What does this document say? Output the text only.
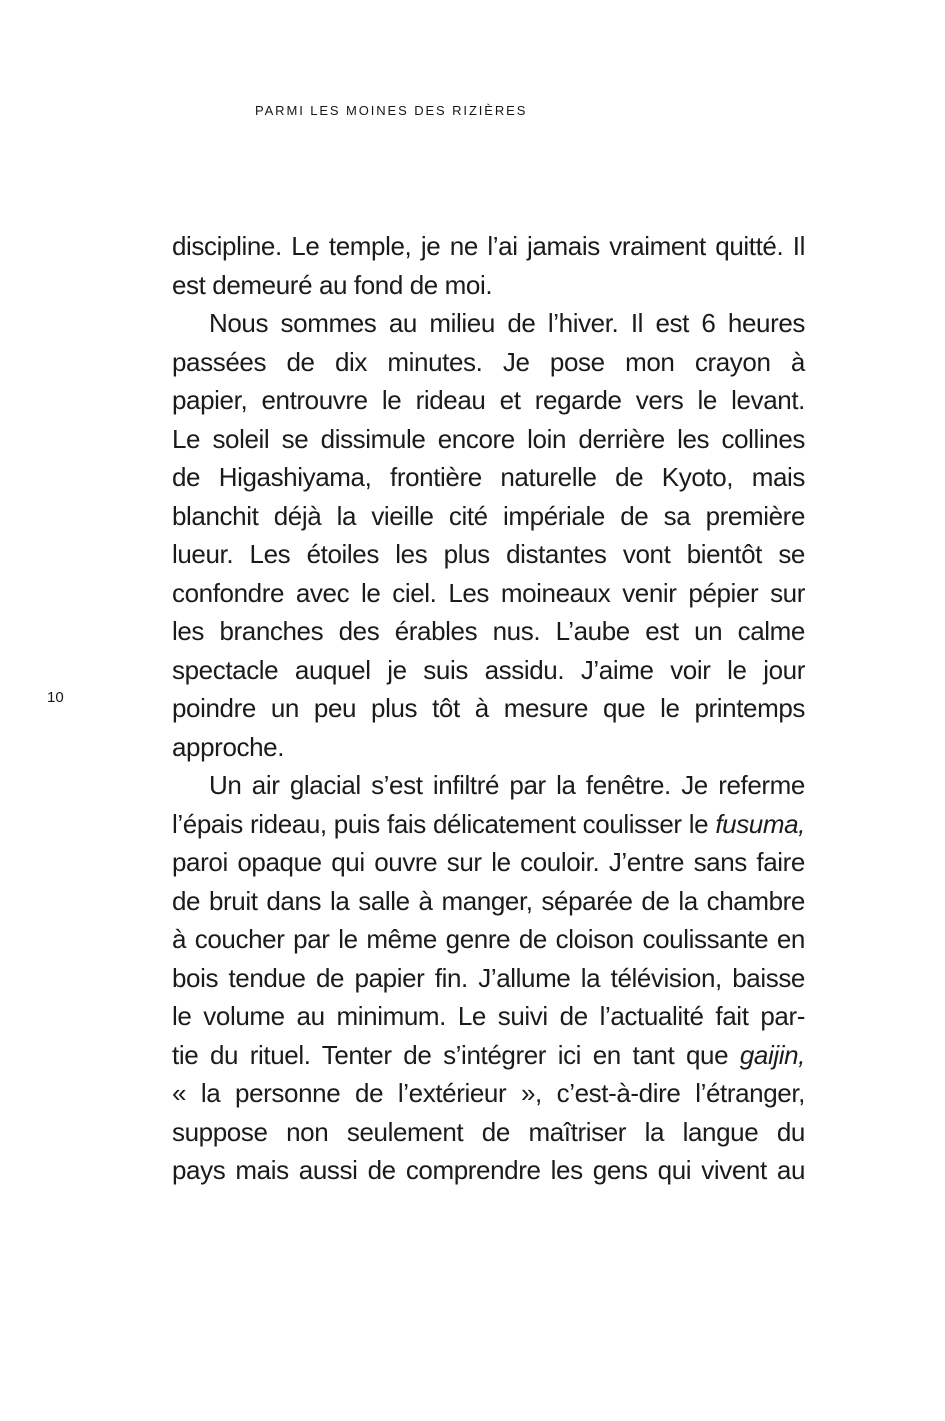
PARMI LES MOINES DES RIZIÈRES
10
discipline. Le temple, je ne l’ai jamais vraiment quitté. Il
est demeuré au fond de moi.
Nous sommes au milieu de l’hiver. Il est 6 heures
passées de dix minutes. Je pose mon crayon à
papier, entrouvre le rideau et regarde vers le levant.
Le soleil se dissimule encore loin derrière les collines
de Higashiyama, frontière naturelle de Kyoto, mais
blanchit déjà la vieille cité impériale de sa première
lueur. Les étoiles les plus distantes vont bientôt se
confondre avec le ciel. Les moineaux venir pépier sur
les branches des érables nus. L’aube est un calme
spectacle auquel je suis assidu. J’aime voir le jour
poindre un peu plus tôt à mesure que le printemps
approche.
Un air glacial s’est infiltré par la fenêtre. Je referme
l’épais rideau, puis fais délicatement coulisser le fusuma,
paroi opaque qui ouvre sur le couloir. J’entre sans faire
de bruit dans la salle à manger, séparée de la chambre
à coucher par le même genre de cloison coulissante en
bois tendue de papier fin. J’allume la télévision, baisse
le volume au minimum. Le suivi de l’actualité fait par-
tie du rituel. Tenter de s’intégrer ici en tant que gaijin,
« la personne de l’extérieur », c’est-à-dire l’étranger,
suppose non seulement de maîtriser la langue du
pays mais aussi de comprendre les gens qui vivent au
